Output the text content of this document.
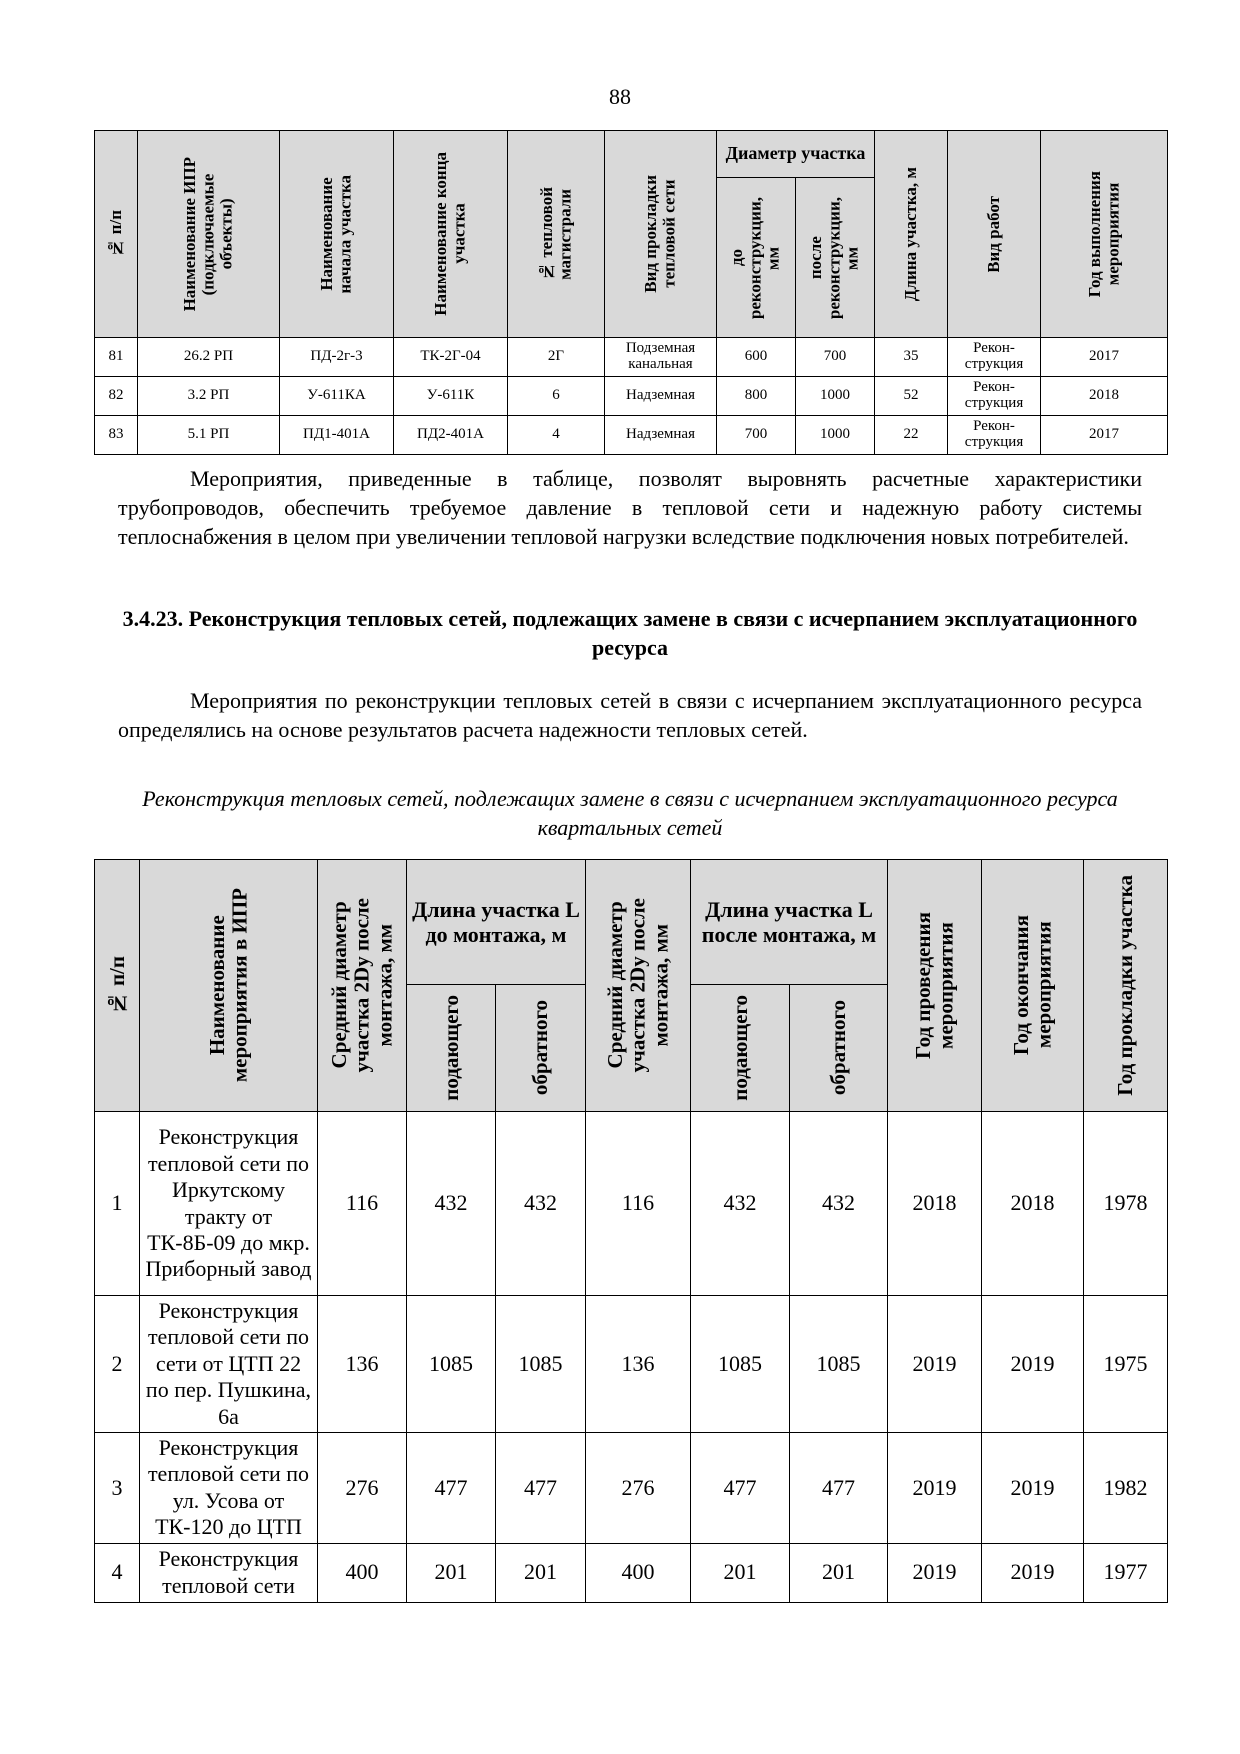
88
№ п/п	Наименование ИПР
(подключаемые
объекты)	Наименование
начала участка	Наименование конца
участка	№ тепловой
магистрали	Вид прокладки
тепловой сети	Диаметр участка		Длина участка, м	Вид работ	Год выполнения
мероприятия

						до
реконструкции,
мм	после
реконструкции,
мм			

81	26.2 РП	ПД-2г-3	ТК-2Г-04	2Г	Подземная канальная	600	700	35	Рекон-струкция	2017
82	3.2 РП	У-611КА	У-611К	6	Надземная	800	1000	52	Рекон-струкция	2018
83	5.1 РП	ПД1-401А	ПД2-401А	4	Надземная	700	1000	22	Рекон-струкция	2017

Мероприятия, приведенные в таблице, позволят выровнять расчетные характеристики трубопроводов, обеспечить требуемое давление в тепловой сети и надежную работу системы теплоснабжения в целом при увеличении тепловой нагрузки вследствие подключения новых потребителей.

3.4.23. Реконструкция тепловых сетей, подлежащих замене в связи с исчерпанием эксплуатационного ресурса

Мероприятия по реконструкции тепловых сетей в связи с исчерпанием эксплуатационного ресурса определялись на основе результатов расчета надежности тепловых сетей.

Реконструкция тепловых сетей, подлежащих замене в связи с исчерпанием эксплуатационного ресурса квартальных сетей

№ п/п	Наименование
мероприятия в ИПР	Средний диаметр
участка 2Dу после
монтажа, мм	Длина участка L до монтажа, м		Средний диаметр
участка 2Dу после
монтажа, мм	Длина участка L после монтажа, м		Год проведения
мероприятия	Год окончания
мероприятия	Год прокладки участка

			подающего	обратного		подающего	обратного			

1	Реконструкция тепловой сети по Иркутскому тракту от ТК-8Б-09 до мкр. Приборный завод	116	432	432	116	432	432	2018	2018	1978
2	Реконструкция тепловой сети по сети от ЦТП 22 по пер. Пушкина, 6а	136	1085	1085	136	1085	1085	2019	2019	1975
3	Реконструкция тепловой сети по ул. Усова от ТК-120 до ЦТП	276	477	477	276	477	477	2019	2019	1982
4	Реконструкция тепловой сети	400	201	201	400	201	201	2019	2019	1977
